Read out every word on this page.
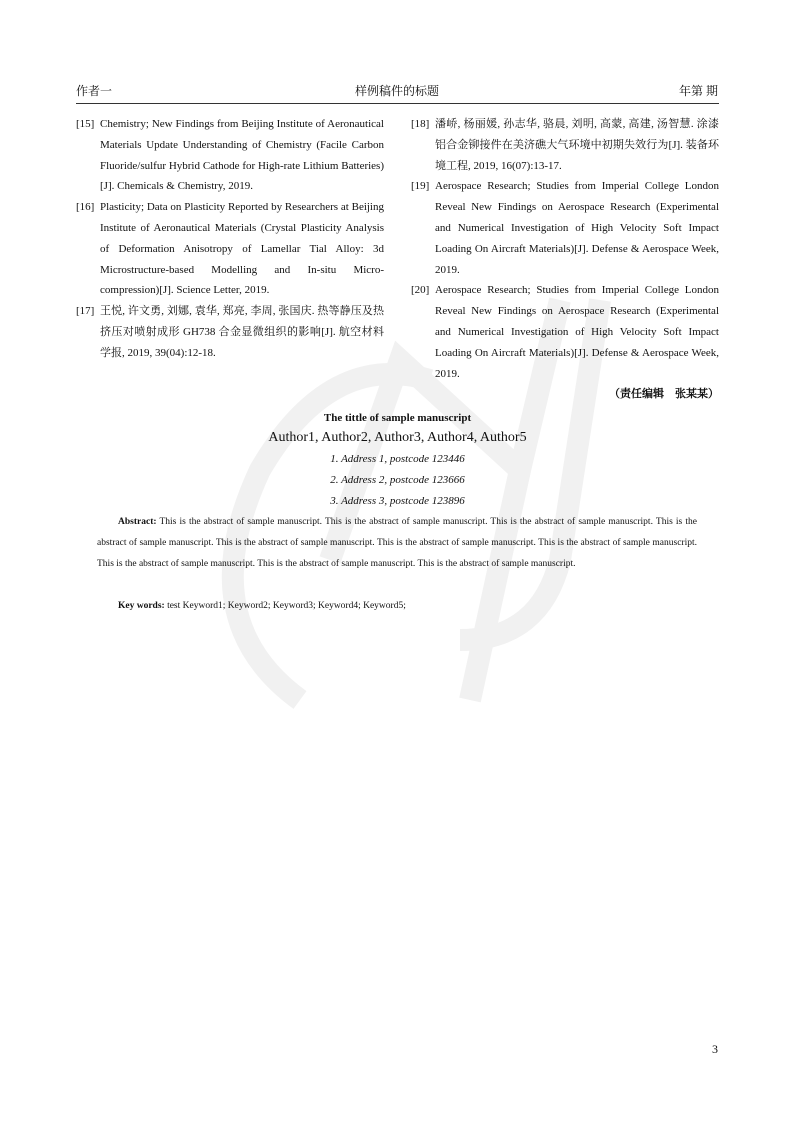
作者一	样例稿件的标题	年第 期
[15] Chemistry; New Findings from Beijing Institute of Aeronautical Materials Update Understanding of Chemistry (Facile Carbon Fluoride/sulfur Hybrid Cathode for High-rate Lithium Batteries)[J]. Chemicals & Chemistry, 2019.
[16] Plasticity; Data on Plasticity Reported by Researchers at Beijing Institute of Aeronautical Materials (Crystal Plasticity Analysis of Deformation Anisotropy of Lamellar Tial Alloy: 3d Microstructure-based Modelling and In-situ Micro-compression)[J]. Science Letter, 2019.
[17] 王悦, 许文勇, 刘娜, 袁华, 郑亮, 李周, 张国庆. 热等静压及热挤压对喷射成形 GH738 合金显微组织的影响[J]. 航空材料学报, 2019, 39(04):12-18.
[18] 潘峤, 杨丽媛, 孙志华, 骆晨, 刘明, 高蒙, 高建, 汤智慧. 涂漆铝合金铆接件在美济礁大气环境中初期失效行为[J]. 装备环境工程, 2019, 16(07):13-17.
[19] Aerospace Research; Studies from Imperial College London Reveal New Findings on Aerospace Research (Experimental and Numerical Investigation of High Velocity Soft Impact Loading On Aircraft Materials)[J]. Defense & Aerospace Week, 2019.
[20] Aerospace Research; Studies from Imperial College London Reveal New Findings on Aerospace Research (Experimental and Numerical Investigation of High Velocity Soft Impact Loading On Aircraft Materials)[J]. Defense & Aerospace Week, 2019.
（责任编辑　张某某）
The tittle of sample manuscript
Author1, Author2, Author3, Author4, Author5
1. Address 1, postcode 123446
2. Address 2, postcode 123666
3. Address 3, postcode 123896
Abstract: This is the abstract of sample manuscript. This is the abstract of sample manuscript. This is the abstract of sample manuscript. This is the abstract of sample manuscript. This is the abstract of sample manuscript. This is the abstract of sample manuscript. This is the abstract of sample manuscript. This is the abstract of sample manuscript. This is the abstract of sample manuscript. This is the abstract of sample manuscript.
Key words: test Keyword1; Keyword2; Keyword3; Keyword4; Keyword5;
3
